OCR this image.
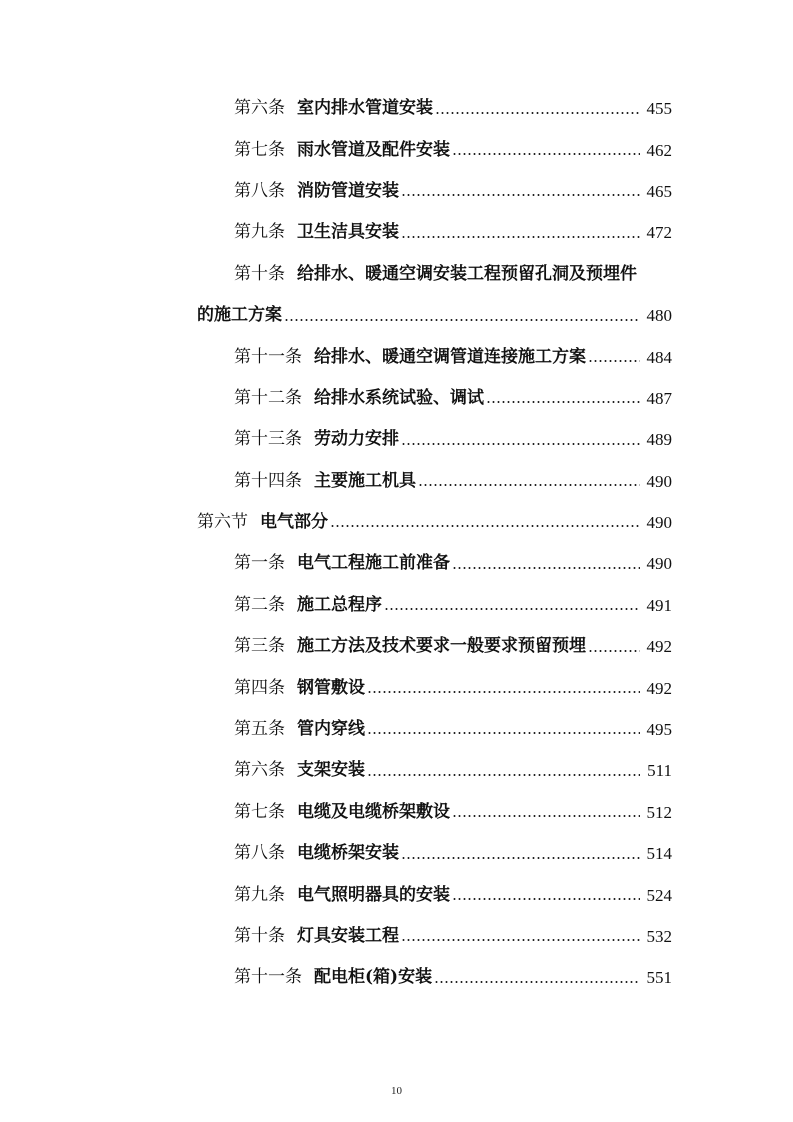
第六条 室内排水管道安装	455
第七条 雨水管道及配件安装	462
第八条 消防管道安装	465
第九条 卫生洁具安装	472
第十条 给排水、暖通空调安装工程预留孔洞及预埋件
的施工方案	480
第十一条 给排水、暖通空调管道连接施工方案	484
第十二条 给排水系统试验、调试	487
第十三条 劳动力安排	489
第十四条 主要施工机具	490
第六节 电气部分	490
第一条 电气工程施工前准备	490
第二条 施工总程序	491
第三条 施工方法及技术要求一般要求预留预埋	492
第四条 钢管敷设	492
第五条 管内穿线	495
第六条 支架安装	511
第七条 电缆及电缆桥架敷设	512
第八条 电缆桥架安装	514
第九条 电气照明器具的安装	524
第十条 灯具安装工程	532
第十一条 配电柜(箱)安装	551
10
